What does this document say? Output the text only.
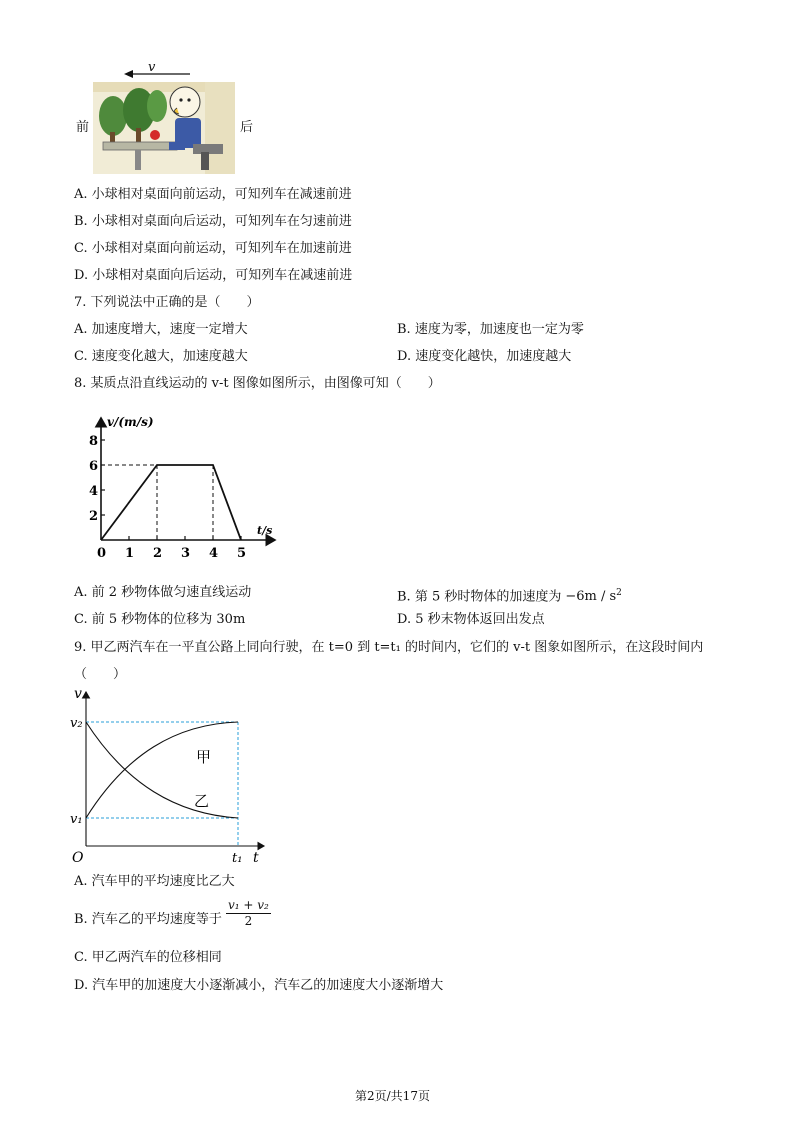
v
前	后
A. 小球相对桌面向前运动，可知列车在减速前进
B. 小球相对桌面向后运动，可知列车在匀速前进
C. 小球相对桌面向前运动，可知列车在加速前进
D. 小球相对桌面向后运动，可知列车在减速前进
7. 下列说法中正确的是（　　）
A. 加速度增大，速度一定增大	B. 速度为零，加速度也一定为零
C. 速度变化越大，加速度越大	D. 速度变化越快，加速度越大
8. 某质点沿直线运动的 v-t 图像如图所示，由图像可知（　　）
0 1 2 3 4 5
2
4
6
8
v/(m/s)
t/s
A. 前 2 秒物体做匀速直线运动	B. 第 5 秒时物体的加速度为 $-6m / s^2$
C. 前 5 秒物体的位移为 30m	D. 5 秒末物体返回出发点
9. 甲乙两汽车在一平直公路上同向行驶，在 t=0 到 t=t₁ 的时间内，它们的 v-t 图象如图所示，在这段时间内
（　　）
v
t
O
v₂
v₁
t₁
甲
乙
A. 汽车甲的平均速度比乙大
B. 汽车乙的平均速度等于 $\frac{\text{v₁ + v₂}}{2}$
C. 甲乙两汽车的位移相同
D. 汽车甲的加速度大小逐渐减小，汽车乙的加速度大小逐渐增大
第2页/共17页
